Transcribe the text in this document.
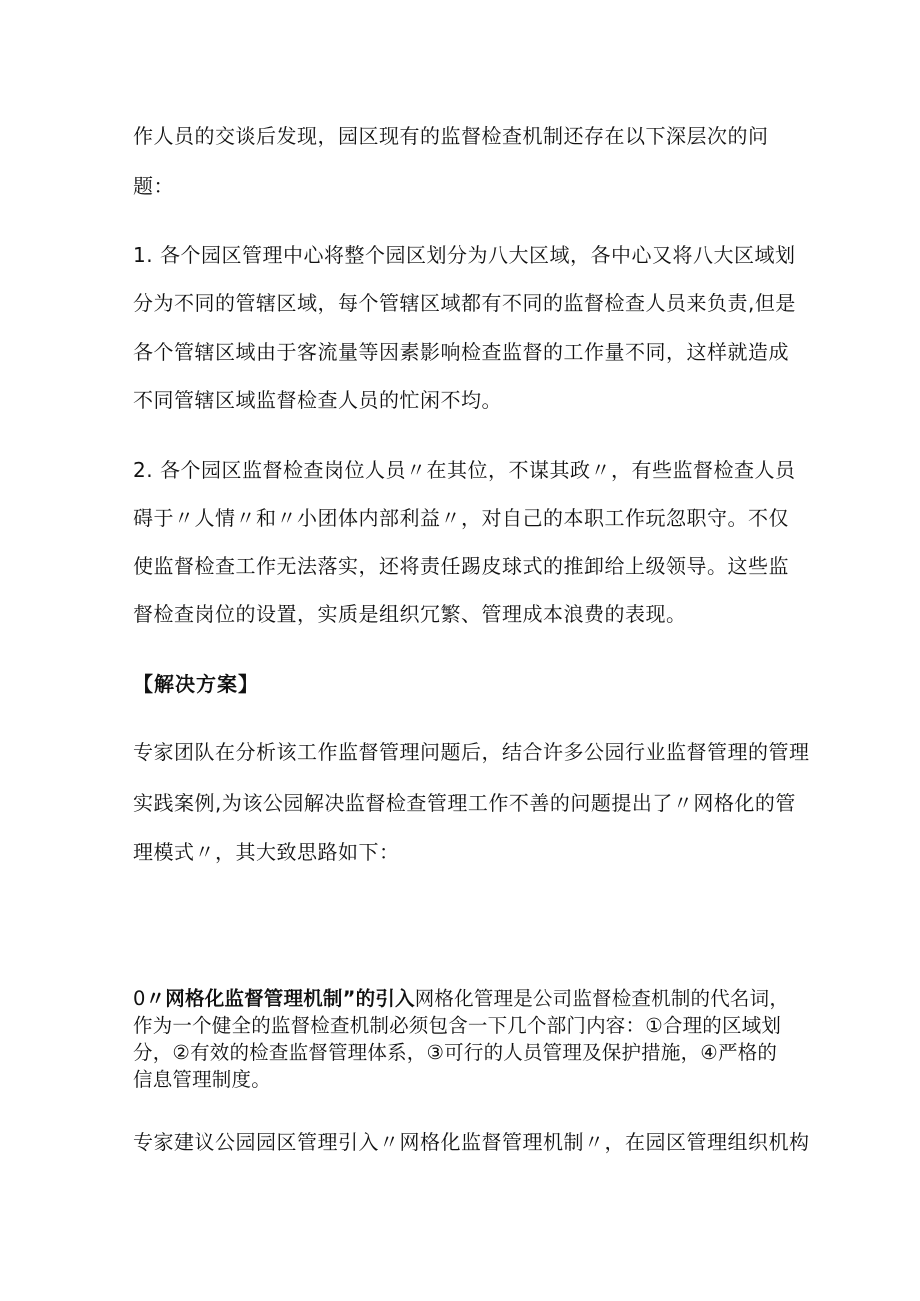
作人员的交谈后发现，园区现有的监督检查机制还存在以下深层次的问
题：
1. 各个园区管理中心将整个园区划分为八大区域，各中心又将八大区域划
分为不同的管辖区域，每个管辖区域都有不同的监督检查人员来负责,但是
各个管辖区域由于客流量等因素影响检查监督的工作量不同，这样就造成
不同管辖区域监督检查人员的忙闲不均。
2. 各个园区监督检查岗位人员〃在其位，不谋其政〃，有些监督检查人员
碍于〃人情〃和〃小团体内部利益〃，对自己的本职工作玩忽职守。不仅
使监督检查工作无法落实，还将责任踢皮球式的推卸给上级领导。这些监
督检查岗位的设置，实质是组织冗繁、管理成本浪费的表现。
【解决方案】
专家团队在分析该工作监督管理问题后，结合许多公园行业监督管理的管理
实践案例,为该公园解决监督检查管理工作不善的问题提出了〃网格化的管
理模式〃，其大致思路如下：
0〃网格化监督管理机制”的引入网格化管理是公司监督检查机制的代名词，
作为一个健全的监督检查机制必须包含一下几个部门内容：①合理的区域划
分，②有效的检查监督管理体系，③可行的人员管理及保护措施，④严格的
信息管理制度。
专家建议公园园区管理引入〃网格化监督管理机制〃，在园区管理组织机构
